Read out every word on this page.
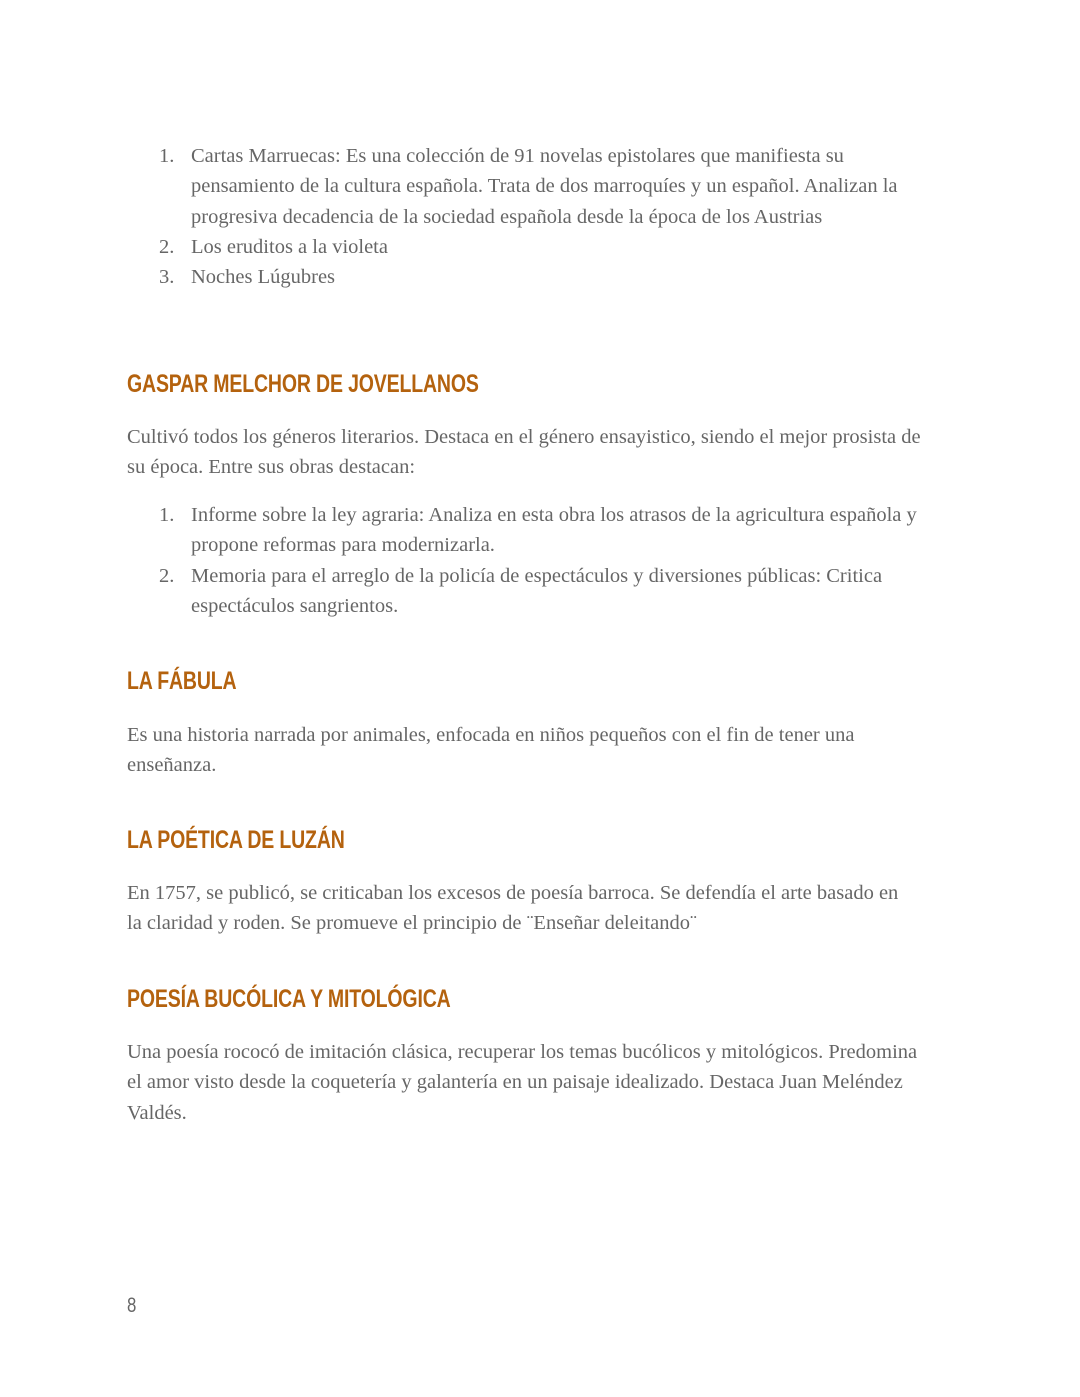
1. Cartas Marruecas: Es una colección de 91 novelas epistolares que manifiesta su pensamiento de la cultura española. Trata de dos marroquíes y un español. Analizan la progresiva decadencia de la sociedad española desde la época de los Austrias
2. Los eruditos a la violeta
3. Noches Lúgubres
GASPAR MELCHOR DE JOVELLANOS

Cultivó todos los géneros literarios. Destaca en el género ensayistico, siendo el mejor prosista de su época. Entre sus obras destacan:

1. Informe sobre la ley agraria: Analiza en esta obra los atrasos de la agricultura española y propone reformas para modernizarla.
2. Memoria para el arreglo de la policía de espectáculos y diversiones públicas: Critica espectáculos sangrientos.
LA FÁBULA

Es una historia narrada por animales, enfocada en niños pequeños con el fin de tener una enseñanza.

LA POÉTICA DE LUZÁN

En 1757, se publicó, se criticaban los excesos de poesía barroca. Se defendía el arte basado en la claridad y roden. Se promueve el principio de ¨Enseñar deleitando¨

POESÍA BUCÓLICA Y MITOLÓGICA

Una poesía rococó de imitación clásica, recuperar los temas bucólicos y mitológicos. Predomina el amor visto desde la coquetería y galantería en un paisaje idealizado. Destaca Juan Meléndez Valdés.

8
